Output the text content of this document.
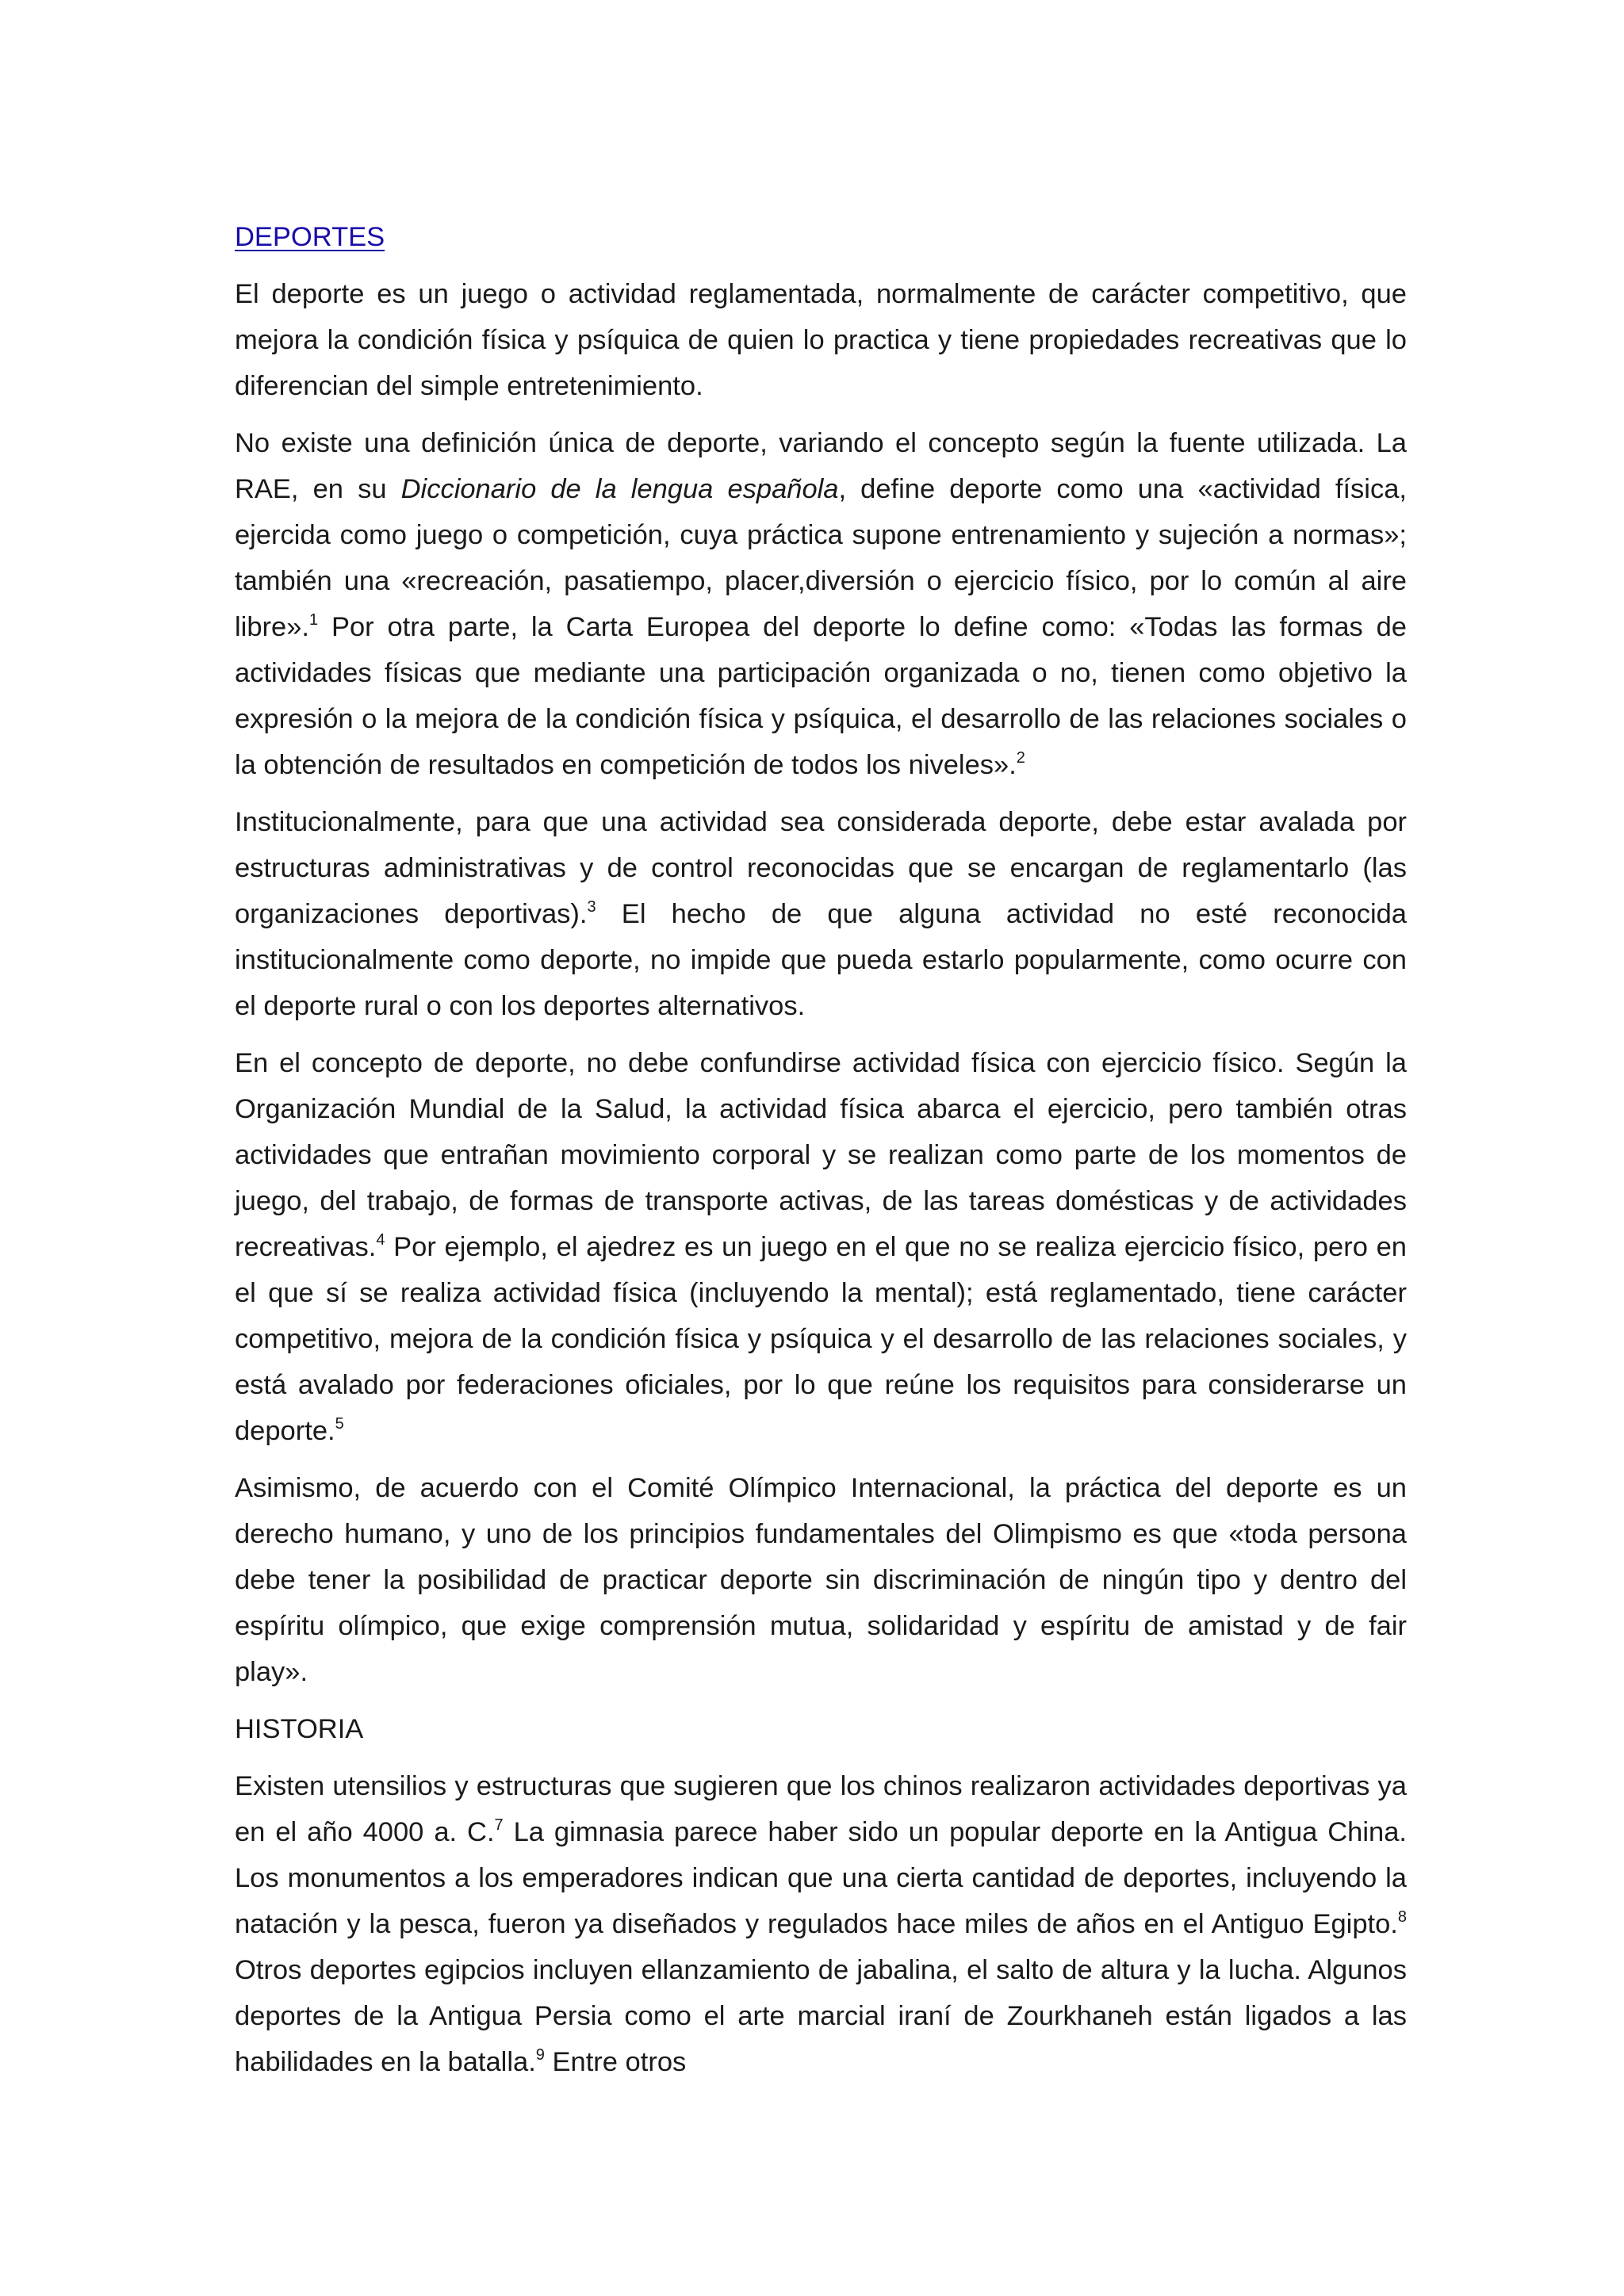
DEPORTES

El deporte es un juego o actividad reglamentada, normalmente de carácter competitivo, que mejora la condición física y psíquica de quien lo practica y tiene propiedades recreativas que lo diferencian del simple entretenimiento.

No existe una definición única de deporte, variando el concepto según la fuente utilizada. La RAE, en su Diccionario de la lengua española, define deporte como una «actividad física, ejercida como juego o competición, cuya práctica supone entrenamiento y sujeción a normas»; también una «recreación, pasatiempo, placer,diversión o ejercicio físico, por lo común al aire libre».$^1$ Por otra parte, la Carta Europea del deporte lo define como: «Todas las formas de actividades físicas que mediante una participación organizada o no, tienen como objetivo la expresión o la mejora de la condición física y psíquica, el desarrollo de las relaciones sociales o la obtención de resultados en competición de todos los niveles».$^2$

Institucionalmente, para que una actividad sea considerada deporte, debe estar avalada por estructuras administrativas y de control reconocidas que se encargan de reglamentarlo (las organizaciones deportivas).$^3$ El hecho de que alguna actividad no esté reconocida institucionalmente como deporte, no impide que pueda estarlo popularmente, como ocurre con el deporte rural o con los deportes alternativos.

En el concepto de deporte, no debe confundirse actividad física con ejercicio físico. Según la Organización Mundial de la Salud, la actividad física abarca el ejercicio, pero también otras actividades que entrañan movimiento corporal y se realizan como parte de los momentos de juego, del trabajo, de formas de transporte activas, de las tareas domésticas y de actividades recreativas.$^4$ Por ejemplo, el ajedrez es un juego en el que no se realiza ejercicio físico, pero en el que sí se realiza actividad física (incluyendo la mental); está reglamentado, tiene carácter competitivo, mejora de la condición física y psíquica y el desarrollo de las relaciones sociales, y está avalado por federaciones oficiales, por lo que reúne los requisitos para considerarse un deporte.$^5$

Asimismo, de acuerdo con el Comité Olímpico Internacional, la práctica del deporte es un derecho humano, y uno de los principios fundamentales del Olimpismo es que «toda persona debe tener la posibilidad de practicar deporte sin discriminación de ningún tipo y dentro del espíritu olímpico, que exige comprensión mutua, solidaridad y espíritu de amistad y de fair play».

HISTORIA

Existen utensilios y estructuras que sugieren que los chinos realizaron actividades deportivas ya en el año 4000 a. C.$^7$ La gimnasia parece haber sido un popular deporte en la Antigua China. Los monumentos a los emperadores indican que una cierta cantidad de deportes, incluyendo la natación y la pesca, fueron ya diseñados y regulados hace miles de años en el Antiguo Egipto.$^8$ Otros deportes egipcios incluyen ellanzamiento de jabalina, el salto de altura y la lucha. Algunos deportes de la Antigua Persia como el arte marcial iraní de Zourkhaneh están ligados a las habilidades en la batalla.$^9$ Entre otros
